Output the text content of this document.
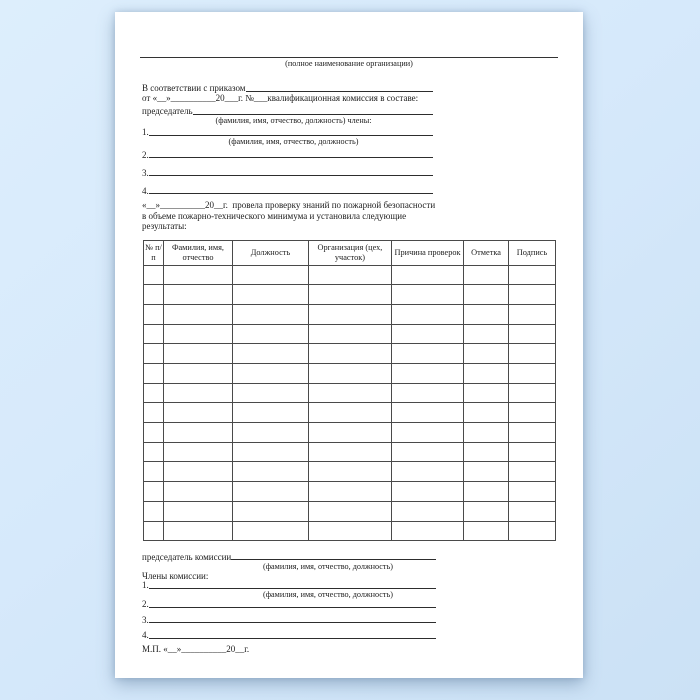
(полное наименование организации)
В соответствии с приказом
от «__»__________20___г. №___квалификационная комиссия в составе:
председатель
(фамилия, имя, отчество, должность) члены:
1.
(фамилия, имя, отчество, должность)
2.
3.
4.
«__»__________20__г.  провела проверку знаний по пожарной безопасности
в объеме пожарно-технического минимума и установила следующие
результаты:
№ п/п	Фамилия, имя, отчество	Должность	Организация (цех, участок)	Причина проверок	Отметка	Подпись

председатель комиссии
(фамилия, имя, отчество, должность)
Члены комиссии:
1.
(фамилия, имя, отчество, должность)
2.
3.
4.
М.П. «__»__________20__г.
